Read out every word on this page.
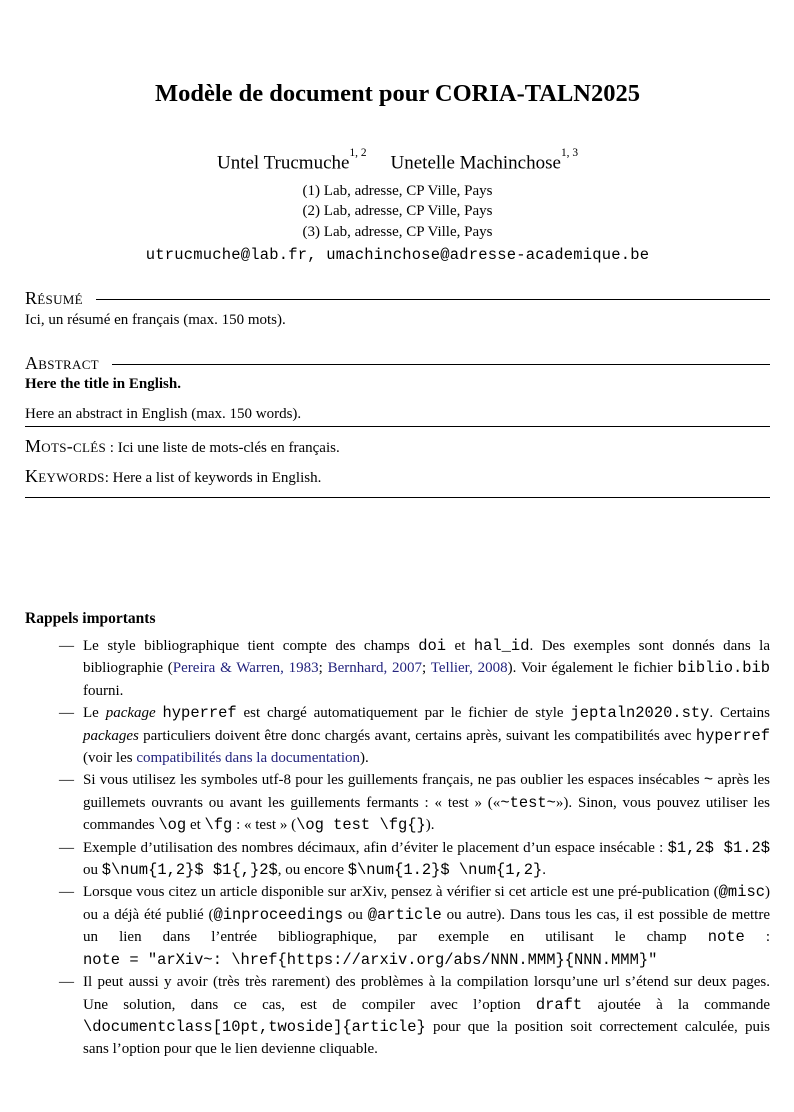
Modèle de document pour CORIA-TALN2025
Untel Trucmuche$^{1, 2}$ Unetelle Machinchose$^{1, 3}$
(1) Lab, adresse, CP Ville, Pays
(2) Lab, adresse, CP Ville, Pays
(3) Lab, adresse, CP Ville, Pays
utrucmuche@lab.fr, umachinchose@adresse-academique.be
Résumé

Ici, un résumé en français (max. 150 mots).

Abstract

Here the title in English.

Here an abstract in English (max. 150 words).

Mots-clés : Ici une liste de mots-clés en français.

Keywords: Here a list of keywords in English.

Rappels importants
— Le style bibliographique tient compte des champs doi et hal_id. Des exemples sont donnés dans la bibliographie (Pereira & Warren, 1983; Bernhard, 2007; Tellier, 2008). Voir également le fichier biblio.bib fourni.
— Le package hyperref est chargé automatiquement par le fichier de style jeptaln2020.sty. Certains packages particuliers doivent être donc chargés avant, certains après, suivant les compatibilités avec hyperref (voir les compatibilités dans la documentation).
— Si vous utilisez les symboles utf-8 pour les guillements français, ne pas oublier les espaces insécables ~ après les guillemets ouvrants ou avant les guillements fermants : « test » («~test~»). Sinon, vous pouvez utiliser les commandes \og et \fg : « test » (\og test \fg{}).
— Exemple d’utilisation des nombres décimaux, afin d’éviter le placement d’un espace insécable : $1,2$ $1.2$ ou $\num{1,2}$ $1{,}2$, ou encore $\num{1.2}$ \num{1,2}.
— Lorsque vous citez un article disponible sur arXiv, pensez à vérifier si cet article est une pré-publication (@misc) ou a déjà été publié (@inproceedings ou @article ou autre). Dans tous les cas, il est possible de mettre un lien dans l’entrée bibliographique, par exemple en utilisant le champ note : note = "arXiv~: \href{https://arxiv.org/abs/NNN.MMM}{NNN.MMM}"
— Il peut aussi y avoir (très très rarement) des problèmes à la compilation lorsqu’une url s’étend sur deux pages. Une solution, dans ce cas, est de compiler avec l’option draft ajoutée à la commande \documentclass[10pt,twoside]{article} pour que la position soit correctement calculée, puis sans l’option pour que le lien devienne cliquable.
